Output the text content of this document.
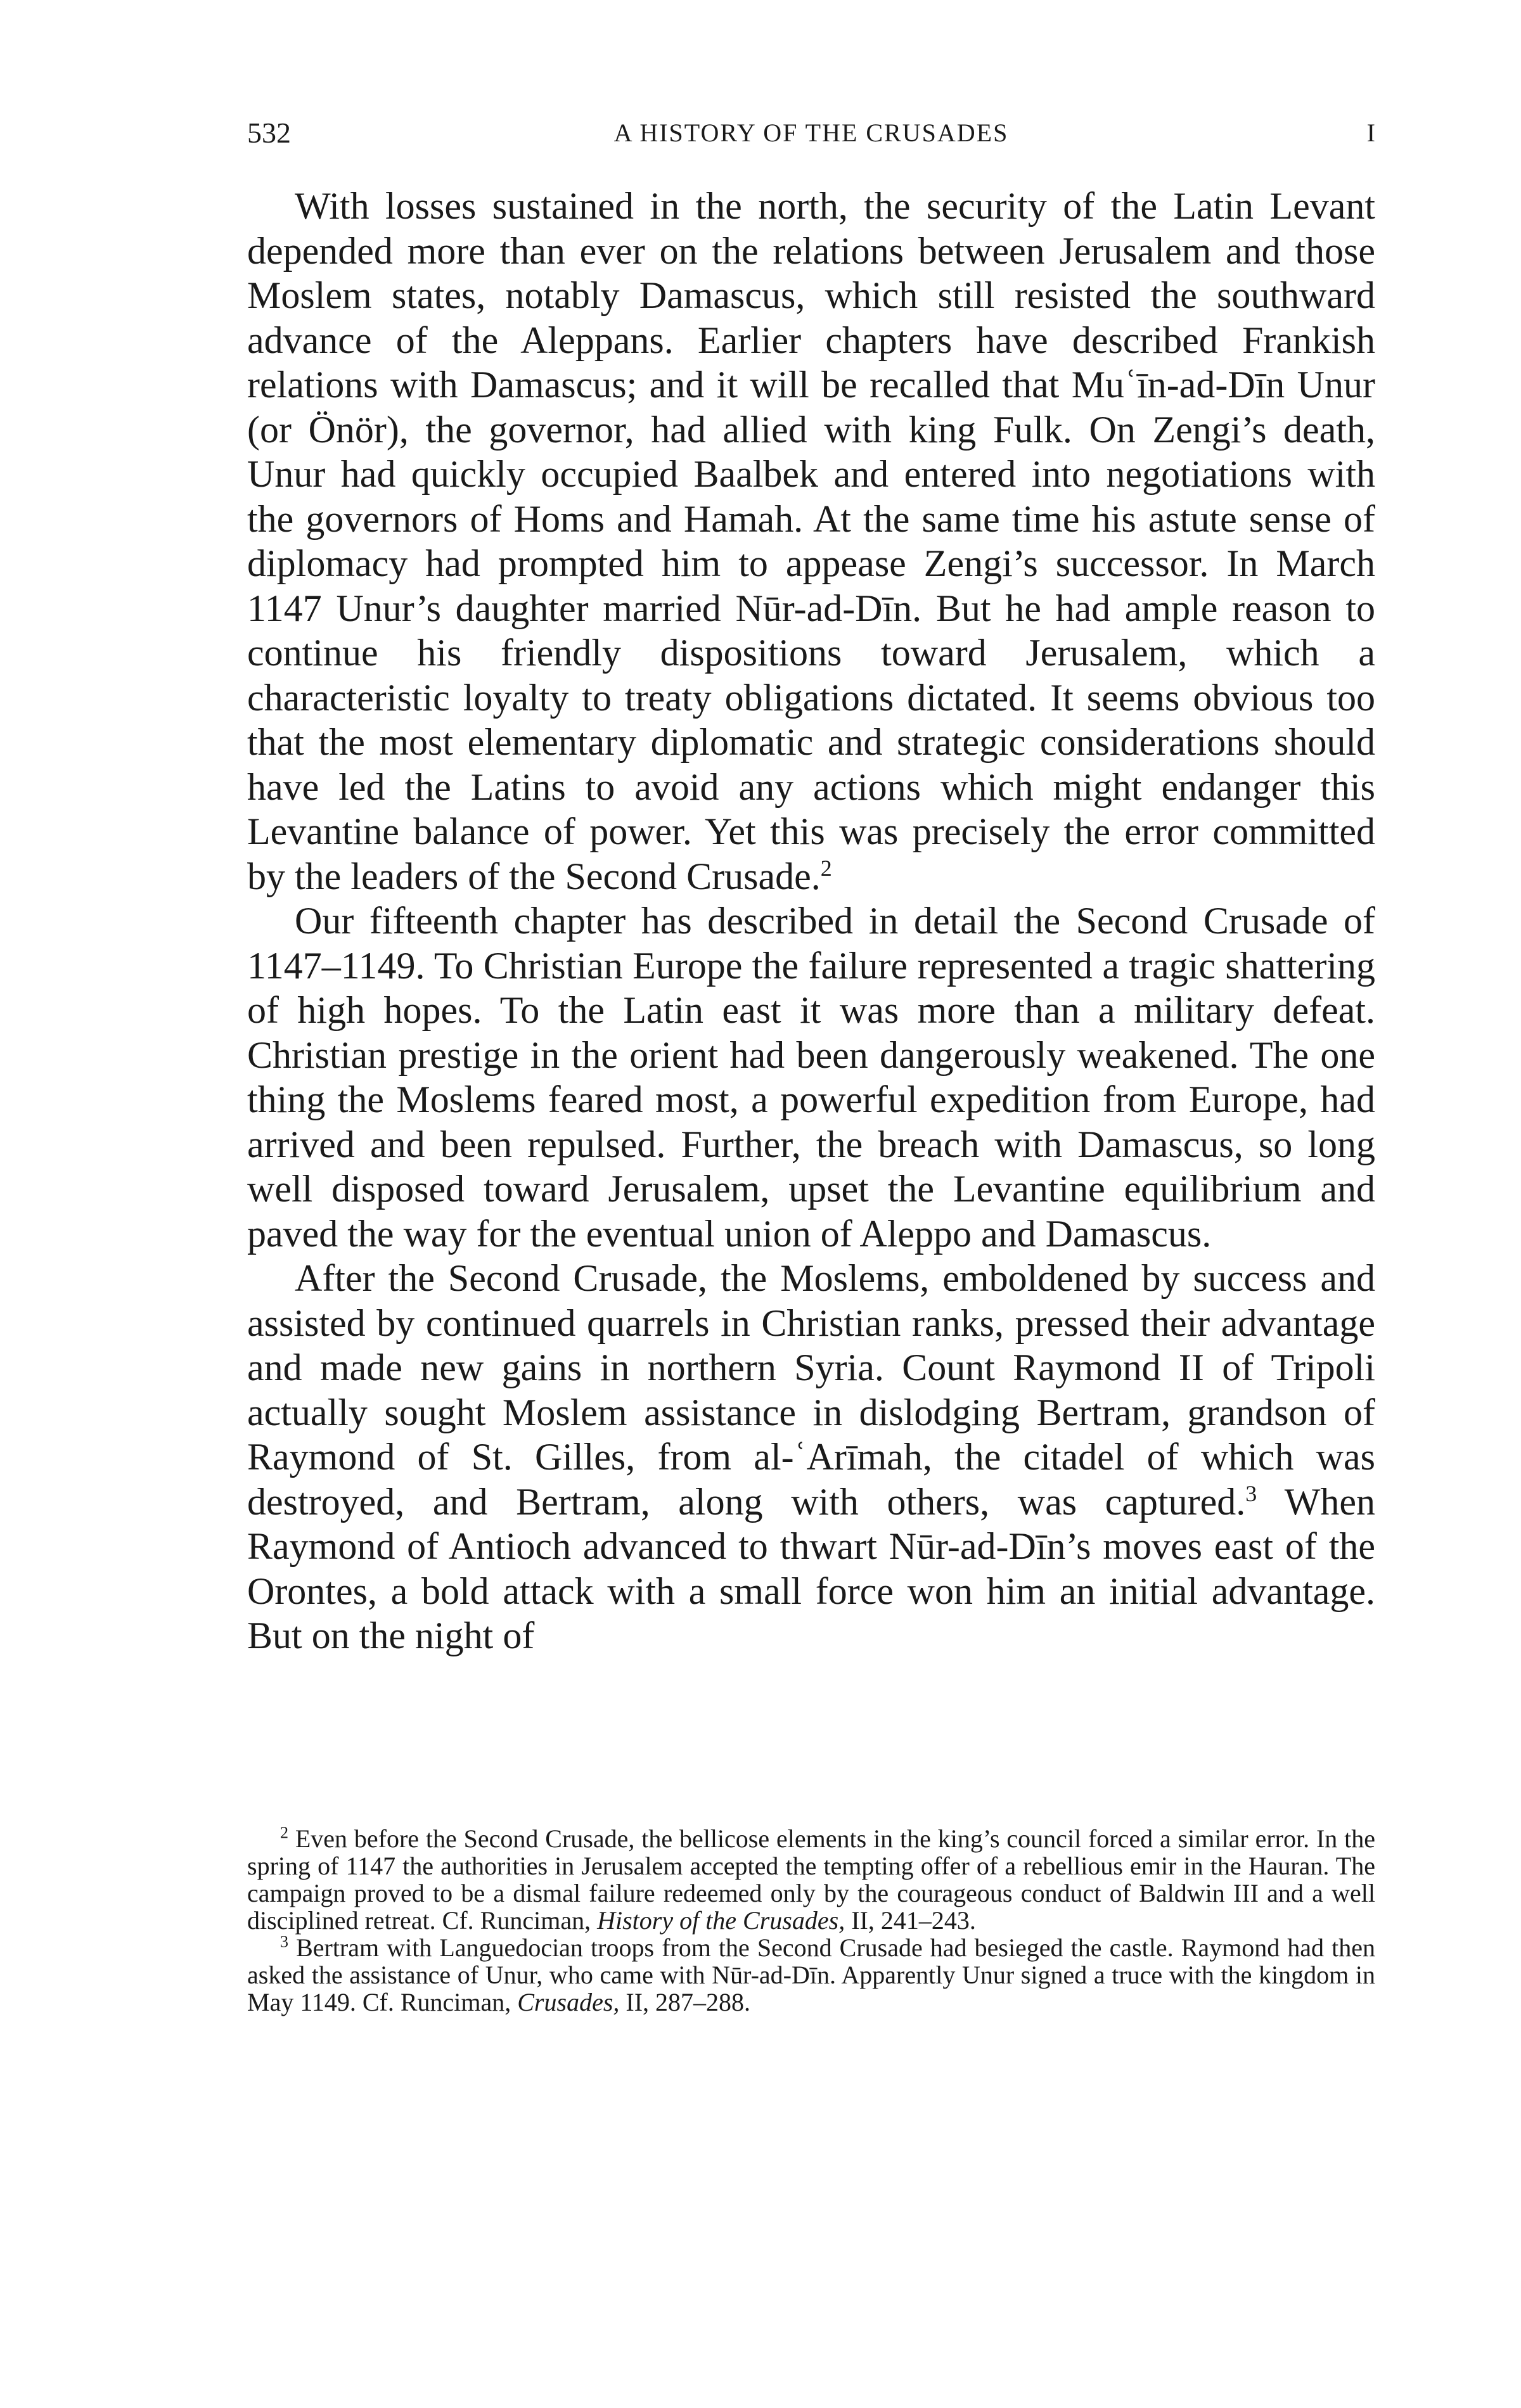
532	A HISTORY OF THE CRUSADES	I

With losses sustained in the north, the security of the Latin Levant depended more than ever on the relations between Jerusalem and those Moslem states, notably Damascus, which still resisted the southward advance of the Aleppans. Earlier chapters have described Frankish relations with Damascus; and it will be recalled that Muʿīn-ad-Dīn Unur (or Önör), the governor, had allied with king Fulk. On Zengi’s death, Unur had quickly occupied Baalbek and entered into negotiations with the governors of Homs and Hamah. At the same time his astute sense of diplomacy had prompted him to appease Zengi’s successor. In March 1147 Unur’s daughter married Nūr-ad-Dīn. But he had ample reason to continue his friendly dispositions toward Jerusalem, which a characteristic loyalty to treaty obligations dictated. It seems obvious too that the most elementary diplomatic and strategic considerations should have led the Latins to avoid any actions which might endanger this Levantine balance of power. Yet this was precisely the error committed by the leaders of the Second Crusade.$^2$

Our fifteenth chapter has described in detail the Second Crusade of 1147–1149. To Christian Europe the failure represented a tragic shattering of high hopes. To the Latin east it was more than a military defeat. Christian prestige in the orient had been dangerously weakened. The one thing the Moslems feared most, a powerful expedition from Europe, had arrived and been repulsed. Further, the breach with Damascus, so long well disposed toward Jerusalem, upset the Levantine equilibrium and paved the way for the eventual union of Aleppo and Damascus.

After the Second Crusade, the Moslems, emboldened by success and assisted by continued quarrels in Christian ranks, pressed their advantage and made new gains in northern Syria. Count Raymond II of Tripoli actually sought Moslem assistance in dislodging Bertram, grandson of Raymond of St. Gilles, from al-ʿArīmah, the citadel of which was destroyed, and Bertram, along with others, was captured.$^3$ When Raymond of Antioch advanced to thwart Nūr-ad-Dīn’s moves east of the Orontes, a bold attack with a small force won him an initial advantage. But on the night of

$^2$ Even before the Second Crusade, the bellicose elements in the king’s council forced a similar error. In the spring of 1147 the authorities in Jerusalem accepted the tempting offer of a rebellious emir in the Hauran. The campaign proved to be a dismal failure redeemed only by the courageous conduct of Baldwin III and a well disciplined retreat. Cf. Runciman, History of the Crusades, II, 241–243.

$^3$ Bertram with Languedocian troops from the Second Crusade had besieged the castle. Raymond had then asked the assistance of Unur, who came with Nūr-ad-Dīn. Apparently Unur signed a truce with the kingdom in May 1149. Cf. Runciman, Crusades, II, 287–288.
